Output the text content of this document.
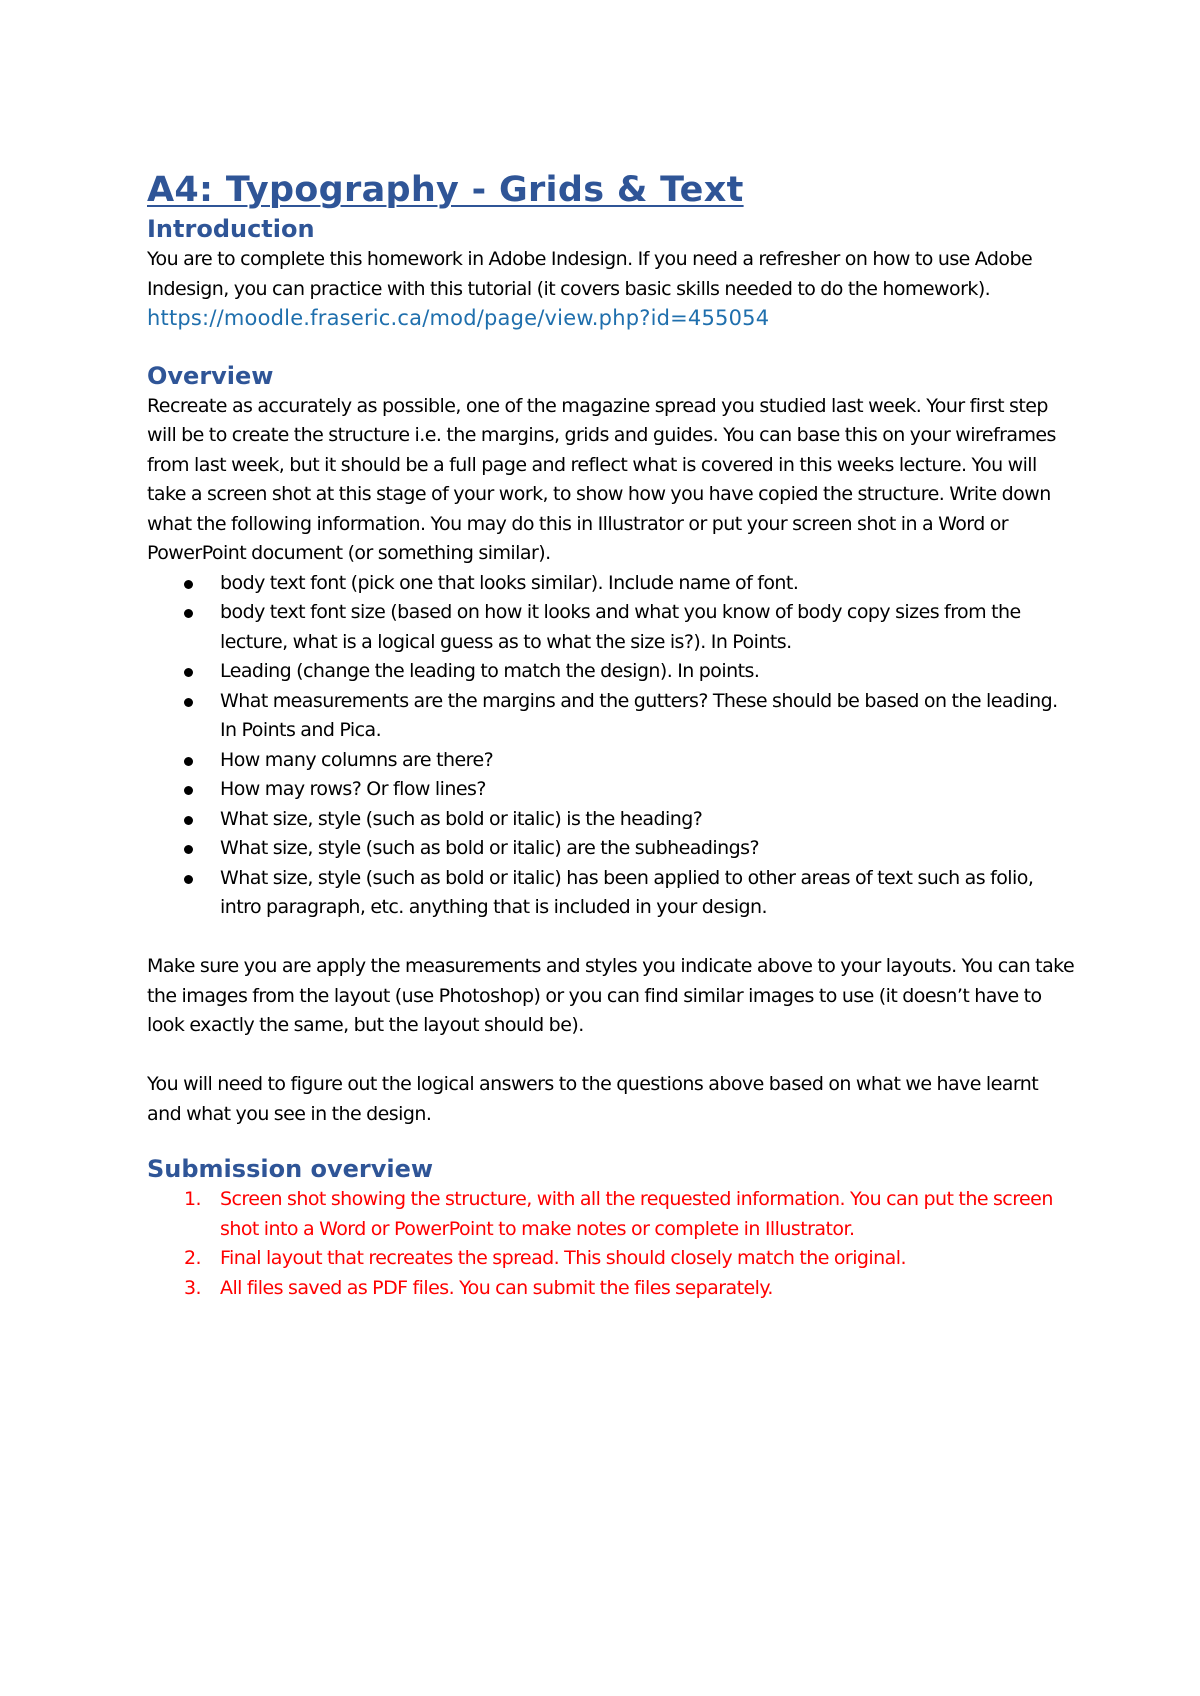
A4: Typography - Grids & Text
Introduction

You are to complete this homework in Adobe Indesign. If you need a refresher on how to use Adobe Indesign, you can practice with this tutorial (it covers basic skills needed to do the homework). https://moodle.fraseric.ca/mod/page/view.php?id=455054

Overview

Recreate as accurately as possible, one of the magazine spread you studied last week. Your first step will be to create the structure i.e. the margins, grids and guides. You can base this on your wireframes from last week, but it should be a full page and reflect what is covered in this weeks lecture. You will take a screen shot at this stage of your work, to show how you have copied the structure. Write down what the following information. You may do this in Illustrator or put your screen shot in a Word or PowerPoint document (or something similar).

body text font (pick one that looks similar). Include name of font.
body text font size (based on how it looks and what you know of body copy sizes from the lecture, what is a logical guess as to what the size is?). In Points.
Leading (change the leading to match the design). In points.
What measurements are the margins and the gutters? These should be based on the leading. In Points and Pica.
How many columns are there?
How may rows? Or flow lines?
What size, style (such as bold or italic) is the heading?
What size, style (such as bold or italic) are the subheadings?
What size, style (such as bold or italic) has been applied to other areas of text such as folio, intro paragraph, etc. anything that is included in your design.

Make sure you are apply the measurements and styles you indicate above to your layouts. You can take the images from the layout (use Photoshop) or you can find similar images to use (it doesn’t have to look exactly the same, but the layout should be).

You will need to figure out the logical answers to the questions above based on what we have learnt and what you see in the design.

Submission overview
1. Screen shot showing the structure, with all the requested information. You can put the screen shot into a Word or PowerPoint to make notes or complete in Illustrator.
2. Final layout that recreates the spread. This should closely match the original.
3. All files saved as PDF files. You can submit the files separately.
